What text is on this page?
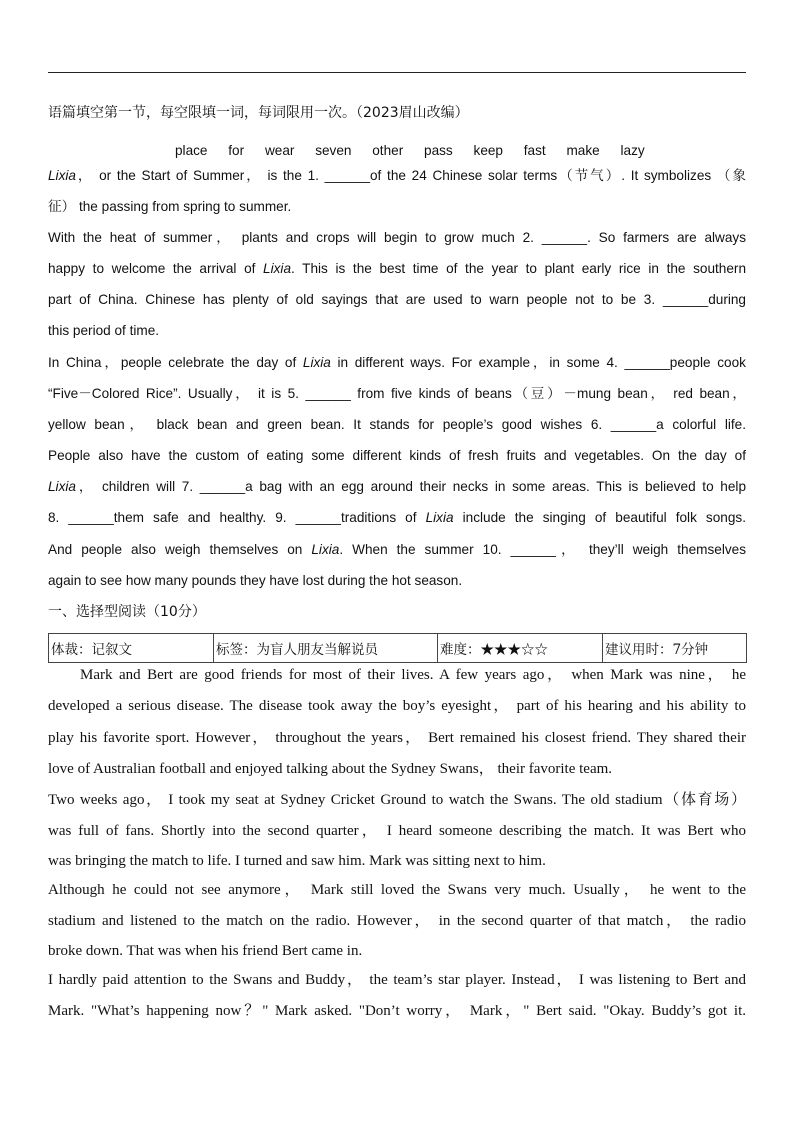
语篇填空第一节，每空限填一词，每词限用一次。（2023眉山改编）
place for wear seven other pass keep fast make lazy
Lixia， or the Start of Summer， is the 1. ______of the 24 Chinese solar terms（节气）. It symbolizes （象
征） the passing from spring to summer.
With the heat of summer， plants and crops will begin to grow much 2. ______. So farmers are always
happy to welcome the arrival of Lixia. This is the best time of the year to plant early rice in the southern
part of China. Chinese has plenty of old sayings that are used to warn people not to be 3. ______during
this period of time.
In China，people celebrate the day of Lixia in different ways. For example，in some 4. ______people cook
“Five－Colored Rice”. Usually， it is 5. ______ from five kinds of beans（豆）－mung bean， red bean，
yellow bean， black bean and green bean. It stands for people’s good wishes 6. ______a colorful life.
People also have the custom of eating some different kinds of fresh fruits and vegetables. On the day of
Lixia， children will 7. ______a bag with an egg around their necks in some areas. This is believed to help
8. ______them safe and healthy. 9. ______traditions of Lixia include the singing of beautiful folk songs.
And people also weigh themselves on Lixia. When the summer 10. ______， they’ll weigh themselves
again to see how many pounds they have lost during the hot season.
一、选择型阅读（10分）
体裁：记叙文	标签：为盲人朋友当解说员	难度：★★★☆☆	建议用时：7分钟
Mark and Bert are good friends for most of their lives. A few years ago， when Mark was nine， he
developed a serious disease. The disease took away the boy’s eyesight， part of his hearing and his ability to
play his favorite sport. However， throughout the years， Bert remained his closest friend. They shared their
love of Australian football and enjoyed talking about the Sydney Swans， their favorite team.
Two weeks ago， I took my seat at Sydney Cricket Ground to watch the Swans. The old stadium（体育场）
was full of fans. Shortly into the second quarter， I heard someone describing the match. It was Bert who
was bringing the match to life. I turned and saw him. Mark was sitting next to him.
Although he could not see anymore， Mark still loved the Swans very much. Usually， he went to the
stadium and listened to the match on the radio. However， in the second quarter of that match， the radio
broke down. That was when his friend Bert came in.
I hardly paid attention to the Swans and Buddy， the team’s star player. Instead， I was listening to Bert and
Mark. "What’s happening now？" Mark asked. "Don’t worry， Mark，" Bert said. "Okay. Buddy’s got it.
